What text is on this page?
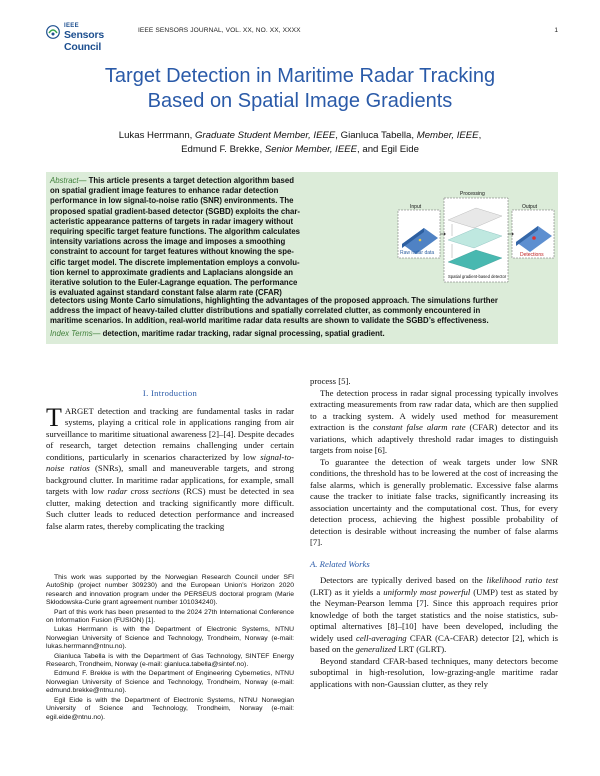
IEEE
Sensors Council
IEEE SENSORS JOURNAL, VOL. XX, NO. XX, XXXX	1
Target Detection in Maritime Radar Tracking
Based on Spatial Image Gradients
Lukas Herrmann, Graduate Student Member, IEEE, Gianluca Tabella, Member, IEEE,
Edmund F. Brekke, Senior Member, IEEE, and Egil Eide
Abstract— This article presents a target detection algorithm based
on spatial gradient image features to enhance radar detection
performance in low signal-to-noise ratio (SNR) environments. The
proposed spatial gradient-based detector (SGBD) exploits the char-
acteristic appearance patterns of targets in radar imagery without
requiring specific target feature functions. The algorithm calculates
intensity variations across the image and imposes a smoothing
constraint to account for target features without knowing the spe-
cific target model. The discrete implementation employs a convolu-
tion kernel to approximate gradients and Laplacians alongside an
iterative solution to the Euler-Lagrange equation. The performance
is evaluated against standard constant false alarm rate (CFAR)
Input
Processing
Output
Raw radar data
Spatial gradient-based detector
Detections
detectors using Monte Carlo simulations, highlighting the advantages of the proposed approach. The simulations further
address the impact of heavy-tailed clutter distributions and spatially correlated clutter, as commonly encountered in
maritime scenarios. In addition, real-world maritime radar data results are shown to validate the SGBD’s effectiveness.
Index Terms— detection, maritime radar tracking, radar signal processing, spatial gradient.
I. Introduction

TARGET detection and tracking are fundamental tasks in radar systems, playing a critical role in applications ranging from air surveillance to maritime situational awareness [2]–[4]. Despite decades of research, target detection remains challenging under certain conditions, particularly in scenarios characterized by low signal-to-noise ratios (SNRs), small and maneuverable targets, and strong background clutter. In maritime radar applications, for example, small targets with low radar cross sections (RCS) must be detected in sea clutter, making detection and tracking significantly more difficult. Such clutter leads to reduced detection performance and increased false alarm rates, thereby complicating the tracking

This work was supported by the Norwegian Research Council under SFI AutoShip (project number 309230) and the European Union’s Horizon 2020 research and innovation program under the PERSEUS doctoral program (Marie Skłodowska-Curie grant agreement number 101034240).

Part of this work has been presented to the 2024 27th International Conference on Information Fusion (FUSION) [1].

Lukas Herrmann is with the Department of Electronic Systems, NTNU Norwegian University of Science and Technology, Trondheim, Norway (e-mail: lukas.herrmann@ntnu.no).

Gianluca Tabella is with the Department of Gas Technology, SINTEF Energy Research, Trondheim, Norway (e-mail: gianluca.tabella@sintef.no).

Edmund F. Brekke is with the Department of Engineering Cybernetics, NTNU Norwegian University of Science and Technology, Trondheim, Norway (e-mail: edmund.brekke@ntnu.no).

Egil Eide is with the Department of Electronic Systems, NTNU Norwegian University of Science and Technology, Trondheim, Norway (e-mail: egil.eide@ntnu.no).

process [5].

The detection process in radar signal processing typically involves extracting measurements from raw radar data, which are then supplied to a tracking system. A widely used method for measurement extraction is the constant false alarm rate (CFAR) detector and its variations, which adaptively threshold radar images to distinguish targets from noise [6].

To guarantee the detection of weak targets under low SNR conditions, the threshold has to be lowered at the cost of increasing the false alarms, which is generally problematic. Excessive false alarms cause the tracker to initiate false tracks, significantly increasing its association uncertainty and the computational cost. Thus, for every detection process, achieving the highest possible probability of detection is desirable without increasing the number of false alarms [7].

A. Related Works

Detectors are typically derived based on the likelihood ratio test (LRT) as it yields a uniformly most powerful (UMP) test as stated by the Neyman-Pearson lemma [7]. Since this approach requires prior knowledge of both the target statistics and the noise statistics, sub-optimal alternatives [8]–[10] have been developed, including the widely used cell-averaging CFAR (CA-CFAR) detector [2], which is based on the generalized LRT (GLRT).

Beyond standard CFAR-based techniques, many detectors become suboptimal in high-resolution, low-grazing-angle maritime radar applications with non-Gaussian clutter, as they rely
